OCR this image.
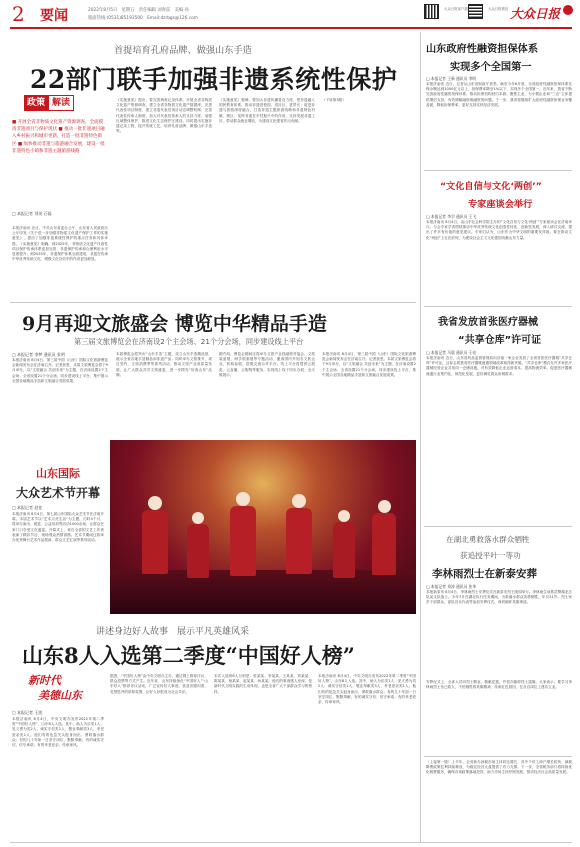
2 要闻	2022年8月5日　星期五　责任编辑 刘春雷　美编 孙
版面热线:(0531)85193500　Email:dzrbgs@126.com
大众日报客户端	大众日报微信 大众日报
首提培育孔府品牌、做强山东手造
22部门联手加强非遗系统性保护
政策 解读
■ 开展全省非物质文化遗产资源调查，全面摸清非遗项目与保护现状 ■ 推动一批非遗项目融入乡村振兴和城市更新，打造一批非遗特色街区 ■ 加快推动非遗与旅游融合发展，建设一批非遗特色小镇和非遗主题旅游线路
□ 本报记者 刘英 石磊
本报济南讯 近日，中共山东省委办公厅、山东省人民政府办公厅印发《关于进一步加强非物质文化遗产保护工作的实施意见》，提出了加强非遗系统性保护的重点任务和具体举措。《实施意见》明确，到2025年，非物质文化遗产代表性项目保护传承体系更加完善，非遗保护传承和合理利用水平显著提升；到2035年，非遗保护体系全面建成，非遗在传承中华优秀传统文化、增强文化自信中的作用更加彰显。
《实施意见》提出，要完善调查记录体系，开展全省非物质文化遗产资源调查，建立全省非物质文化遗产数据库；完善代表性项目制度，建立非遗代表性项目动态调整机制；完善代表性传承人制度，加大对代表性传承人的支持力度；加强区域整体保护，推进文化生态保护区建设。同时提出实施非遗记录工程、振兴传统工艺，培育孔府品牌、做强山东手造等。
《实施意见》强调，要加大非遗传播普及力度，把非遗融入国民教育体系，推动非遗进校园、进社区、进景区；促进非遗与旅游深度融合，打造非遗主题旅游线路和非遗特色村镇、街区；发挥非遗在乡村振兴中的作用，支持发展非遗工坊，带动群众就业增收，为建设文化强省作出贡献。
（下转第3版）
9月再迎文旅盛会 博览中华精品手造
第三届文旅博览会在济南设2个主会场、21个分会场，同步建设线上平台
□ 本报记者 李梦 通讯员 张明
本报济南讯 8月4日，第三届中国（山东）国际文化旅游博览会新闻发布会在济南召开。记者获悉，本届文旅博览会将于9月举办，以“文旅融合 共创未来”为主题，在济南设置2个主会场、全省设置21个分会场，同步建设线上平台，集中展示全国各地精品手造和文旅融合发展成果。
本届博览会将突出“山东手造”主题，设立山东手造精品馆，展示全省各地手造精品和非遗产品；同时举办文旅推介、项目签约、文旅消费季等系列活动，推动文旅产业高质量发展，让广大群众共享文旅盛宴，进一步擦亮“好客山东”品牌。
据介绍，博览会期间还将举办文旅产业投融资对接会、文旅装备展、研学旅游展等专题活动，邀请国内外知名文旅企业、机构参展，搭建交流合作平台。线上平台将提供云展览、云直播、云购物等服务，实现线上线下同步办展、全天候展示。
本报济南讯 8月4日，第三届中国（山东）国际文化旅游博览会新闻发布会在济南召开。记者获悉，本届文旅博览会将于9月举办，以“文旅融合 共创未来”为主题，在济南设置2个主会场、全省设置21个分会场，同步建设线上平台，集中展示全国各地精品手造和文旅融合发展成果。
山东国际
大众艺术节开幕
□ 本报记者 赵佳
本报济南讯 8月4日，第七届山东国际大众艺术节在济南开幕。本届艺术节以“艺术点亮生活”为主题，历时4个月，将举办演出、展览、公益培训等活动1000余场，让群众在家门口享受文化盛宴。开幕式上，来自全省的文艺工作者表演了精彩节目，现场观众热情高涨。艺术节期间还将举办优秀舞台艺术作品展演、群众文艺汇演等系列活动。
讲述身边好人故事　展示平凡英雄风采
山东8人入选第二季度“中国好人榜”
新时代
美德山东
□ 本报记者 王凯
本报济南讯 8月4日，中央文明办发布2022年第二季度“中国好人榜”，山东8人入选。其中，助人为乐类1人、见义勇为类2人、诚实守信类1人、敬业奉献类3人、孝老爱亲类1人。他们有的危急关头挺身而出、勇救落水群众；有的几十年如一日坚守岗位、默默奉献；有的诚实守信、信守承诺；有的孝老爱亲、传承家风。
据悉，“中国好人榜”由中央文明办主办，通过网上推荐评议、群众投票等方式产生。近年来，山东持续深化“中国好人”“山东好人”推荐评议活动，广泛宣传好人事迹，营造崇德向善、见贤思齐的浓厚氛围，让好人好报成为社会共识。
本次入选的8人分别是：张某某、李某某、王某某、刘某某、陈某某、杨某某、赵某某、孙某某。他们的事迹感人至深，是新时代文明实践的生动体现，也是全省广大干部群众学习的榜样。
本报济南讯 8月4日，中央文明办发布2022年第二季度“中国好人榜”，山东8人入选。其中，助人为乐类1人、见义勇为类2人、诚实守信类1人、敬业奉献类3人、孝老爱亲类1人。他们有的危急关头挺身而出、勇救落水群众；有的几十年如一日坚守岗位、默默奉献；有的诚实守信、信守承诺；有的孝老爱亲、传承家风。
山东政府性融资担保体系
实现多个全国第一
□ 本报记者 王新 通讯员 李明
本报济南讯 近日，记者从山东省财政厅获悉，截至今年6月底，全省政府性融资担保体系在保余额达到1000亿元以上，担保费率降至1%以下，实现多个全国第一。近年来，我省不断完善政府性融资担保体系，推动担保机构回归本源、聚焦主业，为小微企业和“三农”主体提供增信支持，有效缓解融资难融资贵问题。下一步，我省将继续扩大政府性融资担保业务覆盖面，降低担保费率，更好支持实体经济发展。
“文化自信与文化‘两创’”
专家座谈会举行
□ 本报记者 李学 通讯员 王飞
本报济南讯 8月4日，由山东社会科学院主办的“文化自信与文化‘两创’”专家座谈会在济南举行。与会专家学者围绕推动中华优秀传统文化创造性转化、创新性发展，深入研讨交流，提出了许多有价值的意见建议。专家们认为，山东作为中华文明的重要发祥地，要在推动文化“两创”上走在前列，为建设社会主义文化强国贡献山东力量。
我省发放首张医疗器械
“共享仓库”许可证
□ 本报记者 马晨 通讯员 王亮
本报济南讯 近日，山东省药品监督管理局向济南一家企业发放了全省首张医疗器械“共享仓库”许可证。这标志着我省医疗器械流通领域改革取得新突破。“共享仓库”模式允许多家医疗器械经营企业共用同一仓储设施，可有效降低企业运营成本，提高物流效率，促进医疗器械流通行业集约化、规范化发展，更好满足群众用械需求。
在湖北勇救落水群众牺牲
获追授平叶一等功
李林雨烈士在新泰安葬
□ 本报记者 刘涛 通讯员 张华
本报新泰讯 8月4日，李林雨烈士安葬仪式在新泰市烈士陵园举行。李林雨生前系武警湖北总队某支队战士，今年7月在湖北执行任务期间，为救落水群众英勇牺牲，年仅21岁。烈士家乡干部群众、部队官兵代表等参加安葬仪式，深切缅怀英雄事迹。
安葬仪式上，全体人员向烈士默哀，敬献花篮，并依次瞻仰烈士遗像。大家表示，要学习李林雨烈士舍己救人、不怕牺牲的英雄精神，传承红色基因，在各自岗位上建功立业。
（上接第一版）上半年，全省新办涉税市场主体同比增长，其中个体工商户增长较快；减税降费政策红利持续释放，为稳住经济大盘提供了有力支撑。下一步，全省税务部门将持续优化税费服务，确保各项政策落地见效，助力市场主体纾困发展，推动经济社会高质量发展。
